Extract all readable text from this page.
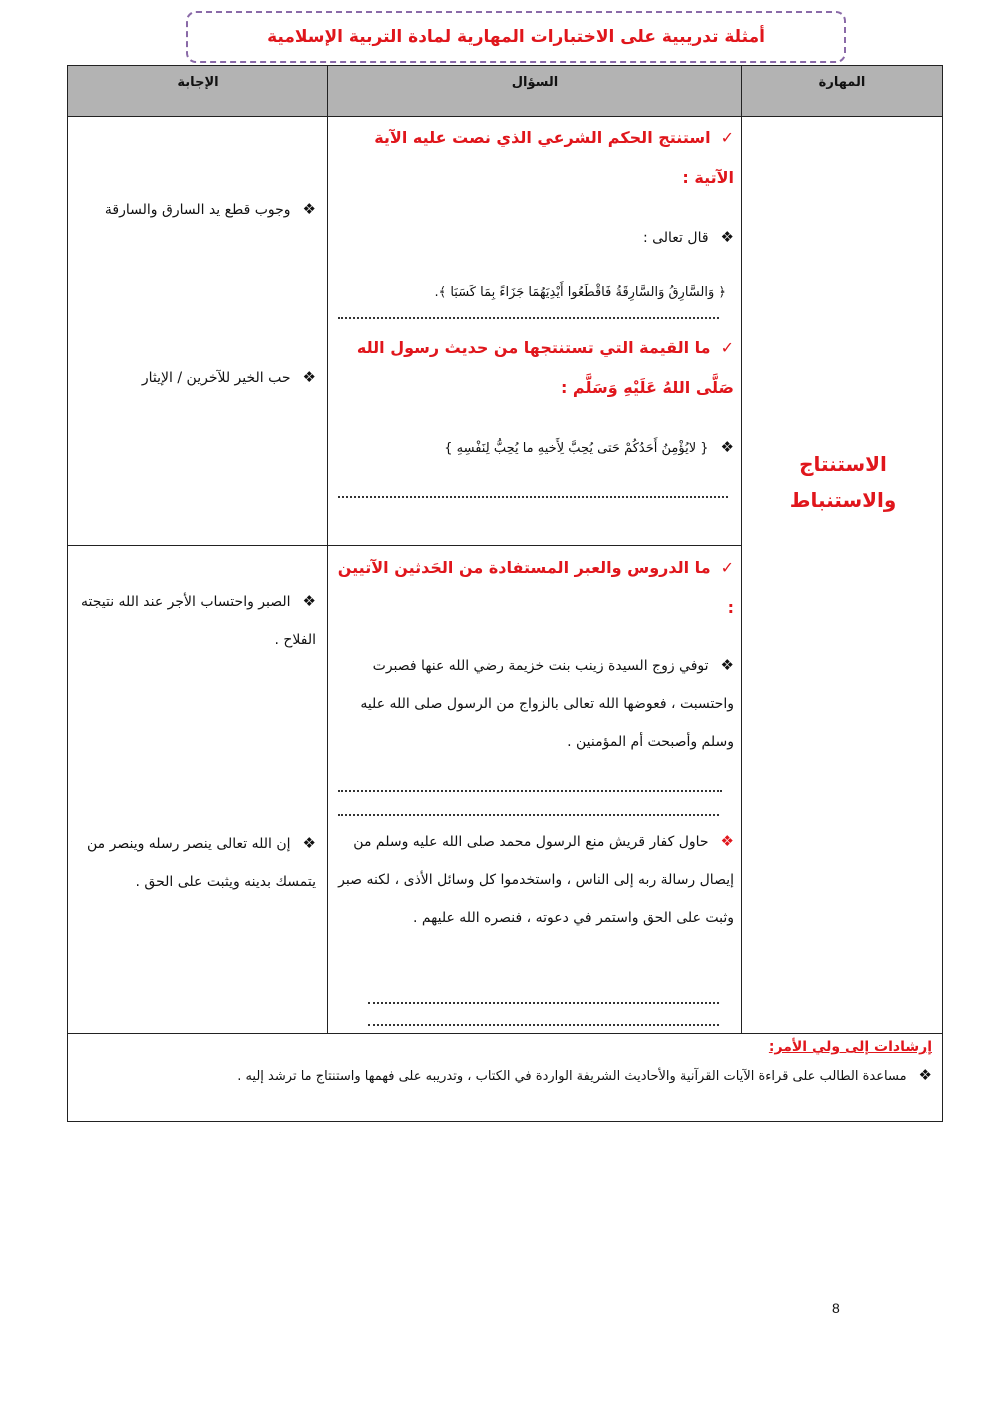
أمثلة تدريبية على الاختبارات المهارية لمادة التربية الإسلامية
الإجابة	السؤال	المهارة
الاستنتاج
والاستنباط
✓استنتج الحكم الشرعي الذي نصت عليه الآية الآتية :
❖قال تعالى :
﴿ وَالسَّارِقُ وَالسَّارِقَةُ فَاقْطَعُوا أَيْدِيَهُمَا جَزَاءً بِمَا كَسَبَا ﴾.
❖وجوب قطع يد السارق والسارقة
✓ما القيمة التي تستنتجها من حديث رسول الله صَلَّى اللهُ عَلَيْهِ وَسَلَّم :
❖{ لايُؤْمِنُ أَحَدُكُمْ حَتى يُحِبَّ لِأَخيهِ ما يُحِبُّ لِنَفْسِهِ }
❖حب الخير للآخرين / الإيثار
✓ما الدروس والعبر المستفادة من الحَدثين الآتيين :
❖توفي زوج السيدة زينب بنت خزيمة رضي الله عنها فصبرت واحتسبت ، فعوضها الله تعالى بالزواج من الرسول صلى الله عليه وسلم وأصبحت أم المؤمنين .
❖الصبر واحتساب الأجر عند الله نتيجته الفلاح .
❖حاول كفار قريش منع الرسول محمد صلى الله عليه وسلم من إيصال رسالة ربه إلى الناس ، واستخدموا كل وسائل الأذى ، لكنه صبر وثبت على الحق واستمر في دعوته ، فنصره الله عليهم .
❖إن الله تعالى ينصر رسله وينصر من يتمسك بدينه ويثبت على الحق .
إرشادات إلى ولي الأمر:
❖مساعدة الطالب على قراءة الآيات القرآنية والأحاديث الشريفة الواردة في الكتاب ، وتدريبه على فهمها واستنتاج ما ترشد إليه .
8
